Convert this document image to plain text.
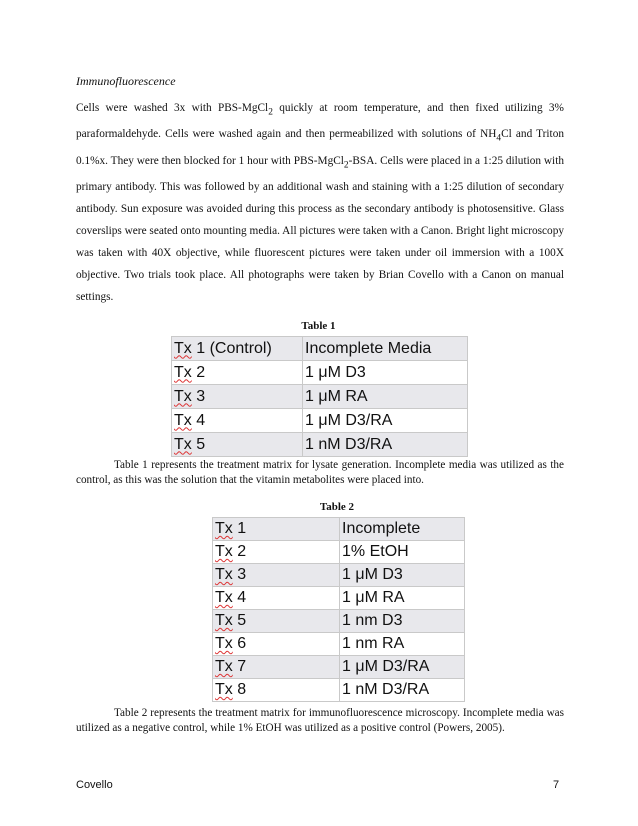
Immunofluorescence

Cells were washed 3x with PBS-MgCl$_2$ quickly at room temperature, and then fixed utilizing 3% paraformaldehyde. Cells were washed again and then permeabilized with solutions of $NH_4Cl$ and Triton 0.1%x. They were then blocked for 1 hour with PBS-MgCl$_2$-BSA. Cells were placed in a 1:25 dilution with primary antibody. This was followed by an additional wash and staining with a 1:25 dilution of secondary antibody. Sun exposure was avoided during this process as the secondary antibody is photosensitive. Glass coverslips were seated onto mounting media. All pictures were taken with a Canon. Bright light microscopy was taken with 40X objective, while fluorescent pictures were taken under oil immersion with a 100X objective. Two trials took place. All photographs were taken by Brian Covello with a Canon on manual settings.

Table 1
Tx 1 (Control)	Incomplete Media
Tx 2	1 μM D3
Tx 3	1 μM RA
Tx 4	1 μM D3/RA
Tx 5	1 nM D3/RA

Table 1 represents the treatment matrix for lysate generation. Incomplete media was utilized as the control, as this was the solution that the vitamin metabolites were placed into.

Table 2
Tx 1	Incomplete
Tx 2	1% EtOH
Tx 3	1 μM D3
Tx 4	1 μM RA
Tx 5	1 nm D3
Tx 6	1 nm RA
Tx 7	1 μM D3/RA
Tx 8	1 nM D3/RA

Table 2 represents the treatment matrix for immunofluorescence microscopy. Incomplete media was utilized as a negative control, while 1% EtOH was utilized as a positive control (Powers, 2005).

Covello	7
